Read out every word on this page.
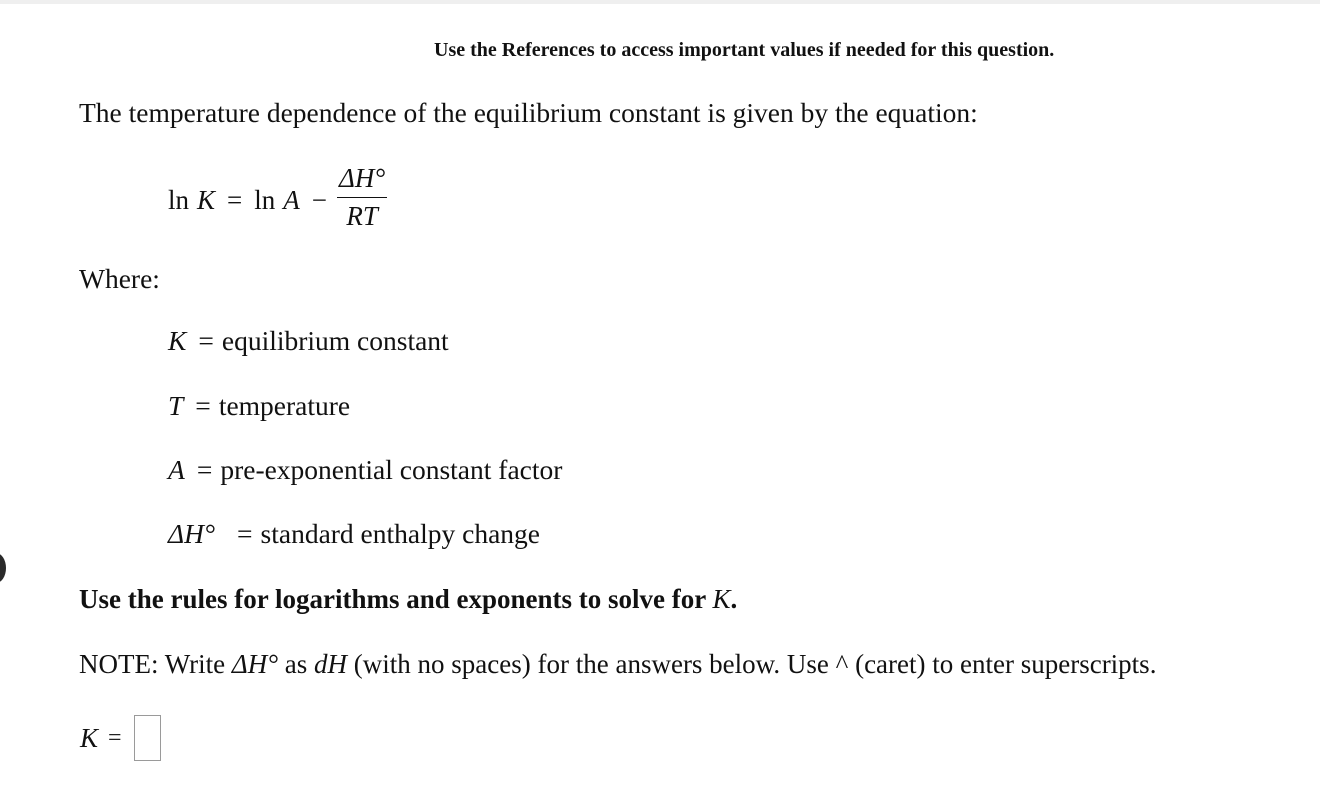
Use the References to access important values if needed for this question.
The temperature dependence of the equilibrium constant is given by the equation:
$\ln K = \ln A - \frac{\Delta H^\circ}{RT}$
Where:
K = equilibrium constant
T = temperature
A = pre-exponential constant factor
ΔH° = standard enthalpy change
Use the rules for logarithms and exponents to solve for K.
NOTE: Write ΔH° as dH (with no spaces) for the answers below. Use ^ (caret) to enter superscripts.
K =
